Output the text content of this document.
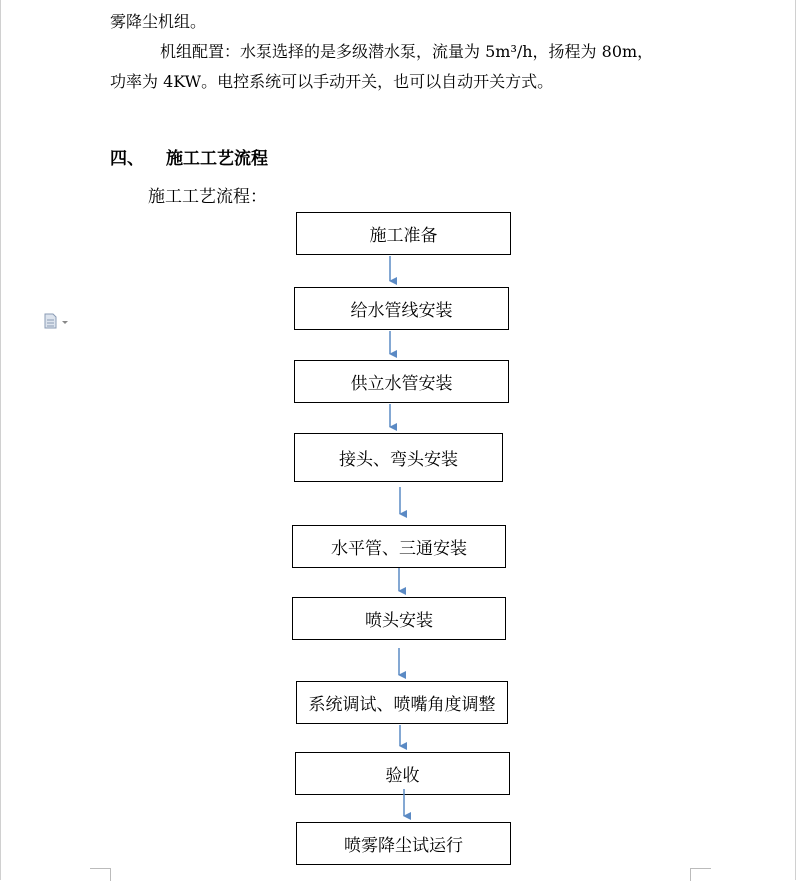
雾降尘机组。
机组配置：水泵选择的是多级潜水泵，流量为 5m³/h，扬程为 80m，
功率为 4KW。电控系统可以手动开关，也可以自动开关方式。
四、 施工工艺流程
施工工艺流程：
施工准备
给水管线安装
供立水管安装
接头、弯头安装
水平管、三通安装
喷头安装
系统调试、喷嘴角度调整
验收
喷雾降尘试运行
